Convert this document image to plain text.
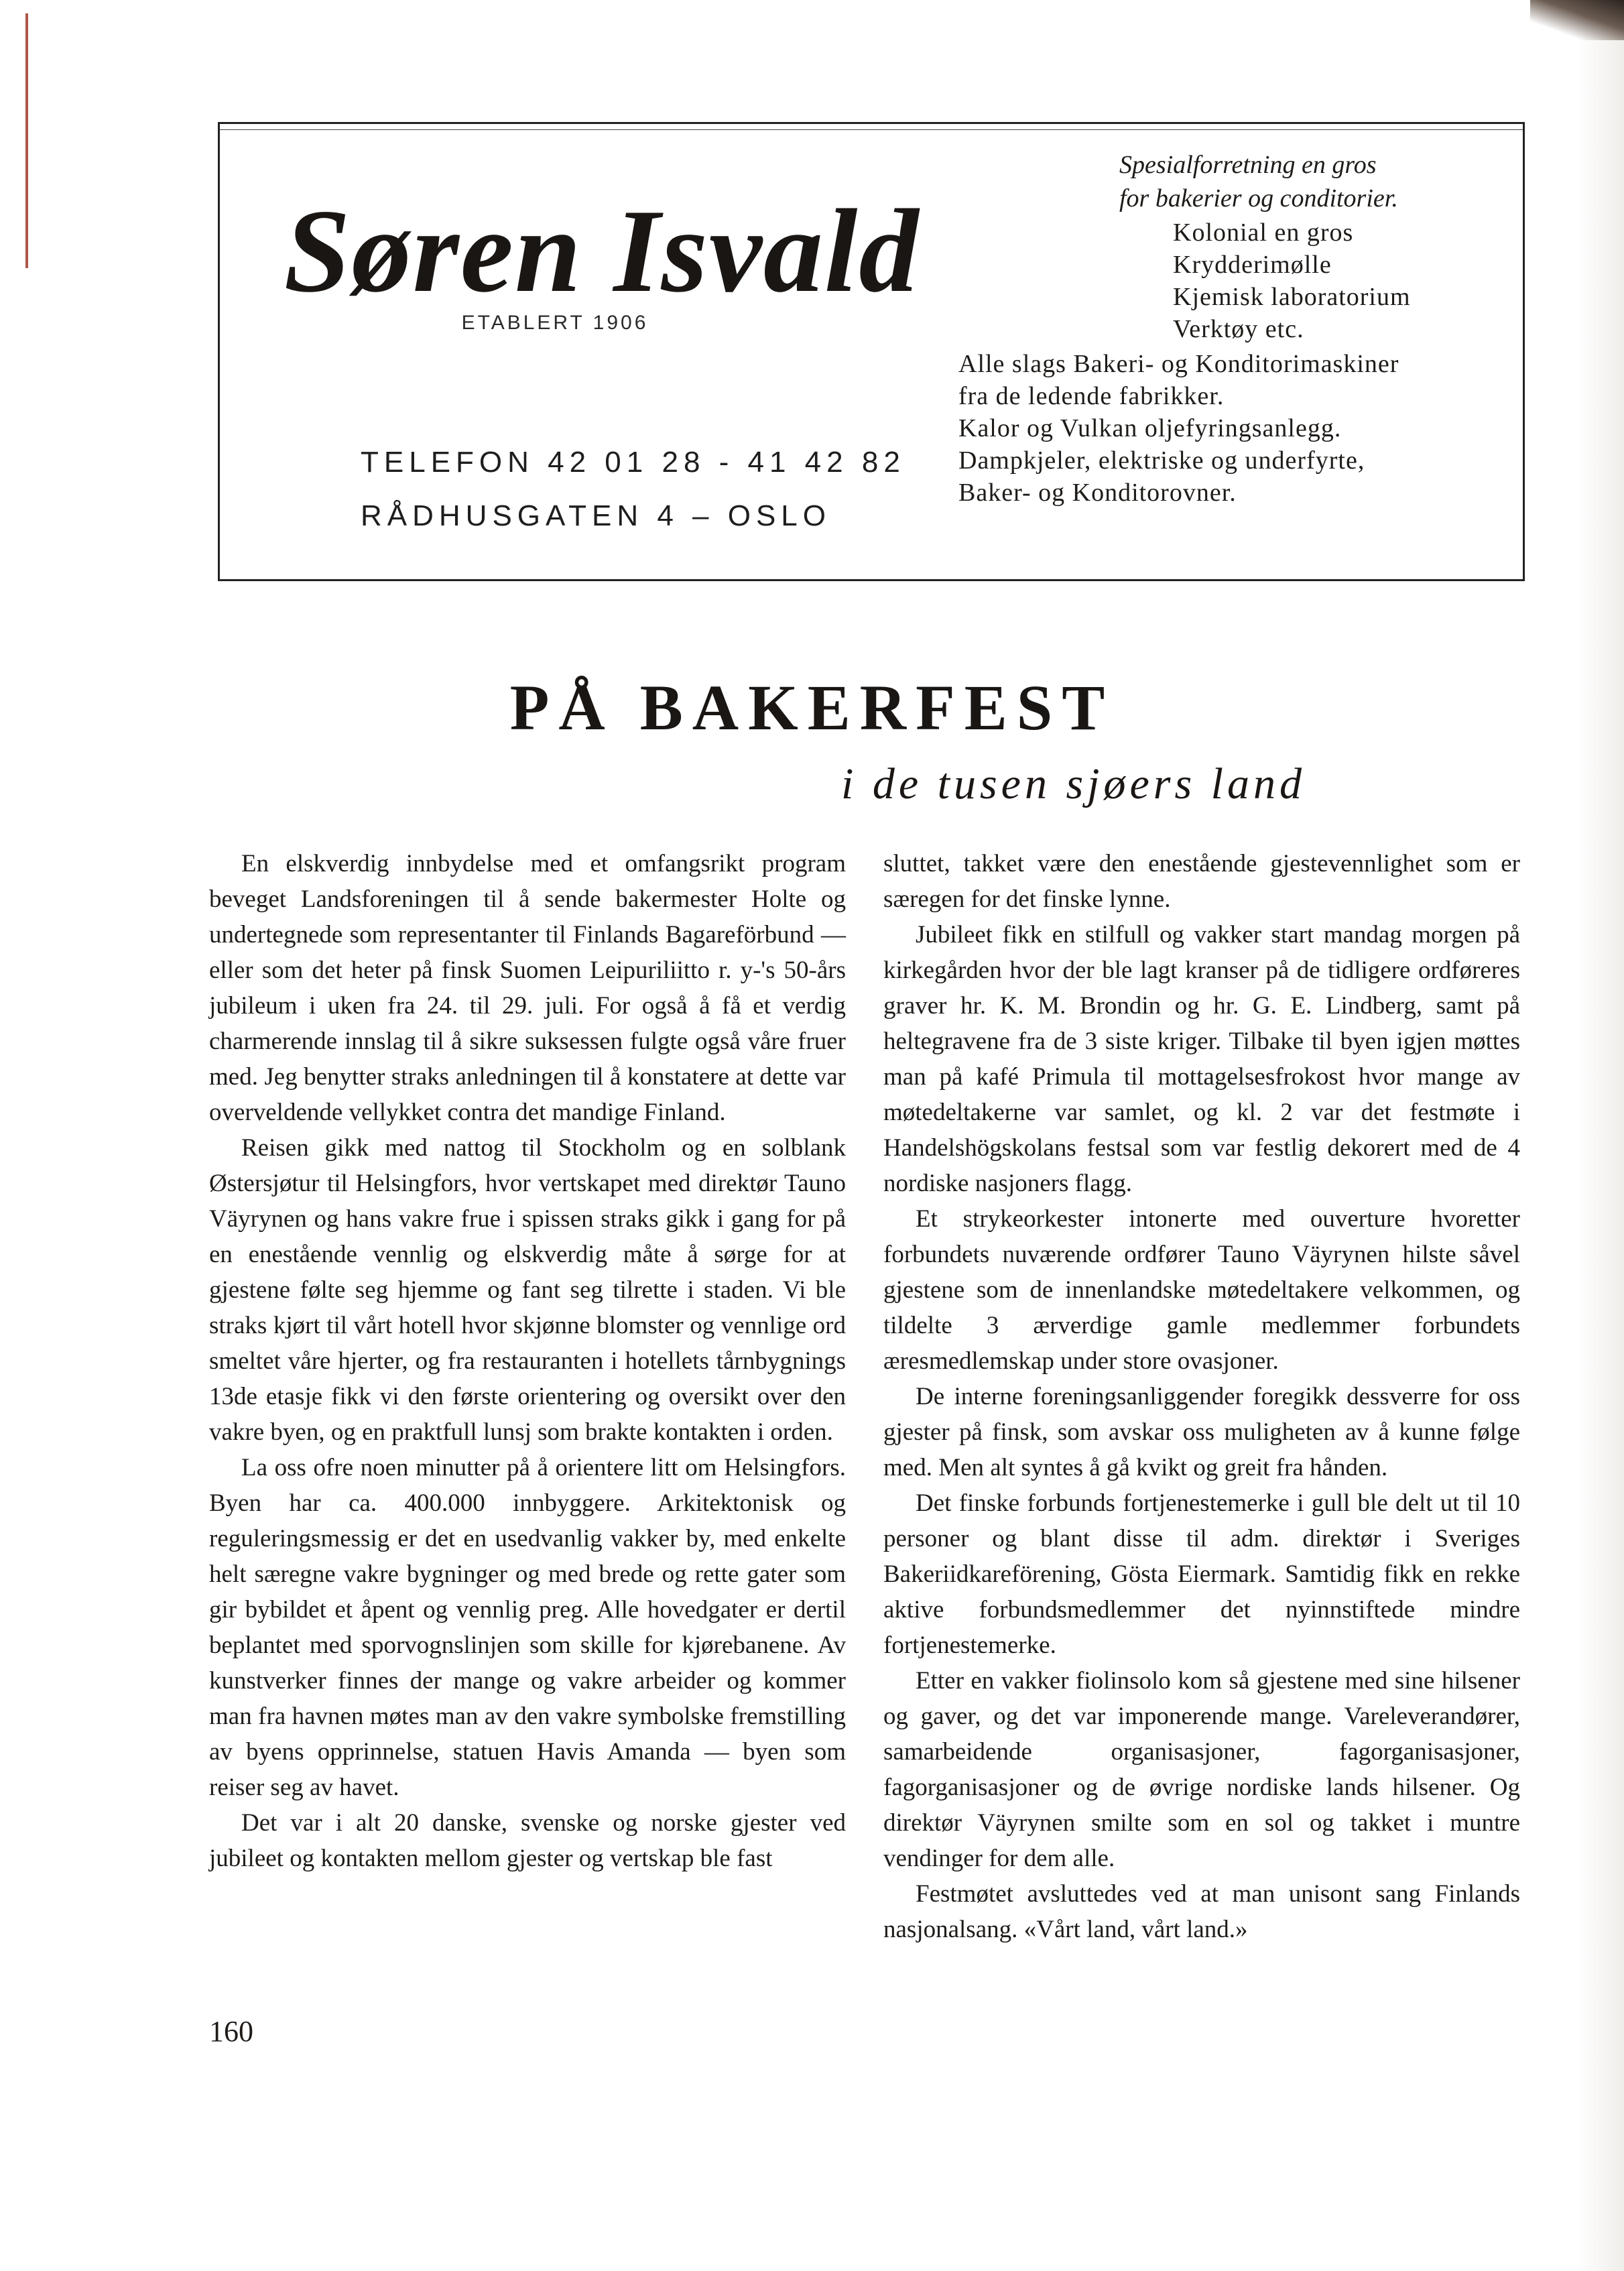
Søren Isvald
ETABLERT 1906
TELEFON 42 01 28 - 41 42 82
RÅDHUSGATEN 4 – OSLO
Spesialforretning en gros
for bakerier og conditorier.
Kolonial en gros
Krydderimølle
Kjemisk laboratorium
Verktøy etc.
Alle slags Bakeri- og Konditorimaskiner
fra de ledende fabrikker.
Kalor og Vulkan oljefyringsanlegg.
Dampkjeler, elektriske og underfyrte,
Baker- og Konditorovner.
PÅ BAKERFEST
i de tusen sjøers land

En elskverdig innbydelse med et omfangsrikt program beveget Landsforeningen til å sende bakermester Holte og undertegnede som representanter til Finlands Bagareförbund — eller som det heter på finsk Suomen Leipuriliitto r. y-'s 50-års jubileum i uken fra 24. til 29. juli. For også å få et verdig charmerende innslag til å sikre suksessen fulgte også våre fruer med. Jeg benytter straks anledningen til å konstatere at dette var overveldende vellykket contra det mandige Finland.

Reisen gikk med nattog til Stockholm og en solblank Østersjøtur til Helsingfors, hvor vertskapet med direktør Tauno Väyrynen og hans vakre frue i spissen straks gikk i gang for på en enestående vennlig og elskverdig måte å sørge for at gjestene følte seg hjemme og fant seg tilrette i staden. Vi ble straks kjørt til vårt hotell hvor skjønne blomster og vennlige ord smeltet våre hjerter, og fra restauranten i hotellets tårnbygnings 13de etasje fikk vi den første orientering og oversikt over den vakre byen, og en praktfull lunsj som brakte kontakten i orden.

La oss ofre noen minutter på å orientere litt om Helsingfors. Byen har ca. 400.000 innbyggere. Arkitektonisk og reguleringsmessig er det en usedvanlig vakker by, med enkelte helt særegne vakre bygninger og med brede og rette gater som gir bybildet et åpent og vennlig preg. Alle hovedgater er dertil beplantet med sporvognslinjen som skille for kjørebanene. Av kunstverker finnes der mange og vakre arbeider og kommer man fra havnen møtes man av den vakre symbolske fremstilling av byens opprinnelse, statuen Havis Amanda — byen som reiser seg av havet.

Det var i alt 20 danske, svenske og norske gjester ved jubileet og kontakten mellom gjester og vertskap ble fast

sluttet, takket være den enestående gjestevennlighet som er særegen for det finske lynne.

Jubileet fikk en stilfull og vakker start mandag morgen på kirkegården hvor der ble lagt kranser på de tidligere ordføreres graver hr. K. M. Brondin og hr. G. E. Lindberg, samt på heltegravene fra de 3 siste kriger. Tilbake til byen igjen møttes man på kafé Primula til mottagelsesfrokost hvor mange av møtedeltakerne var samlet, og kl. 2 var det festmøte i Handelshögskolans festsal som var festlig dekorert med de 4 nordiske nasjoners flagg.

Et strykeorkester intonerte med ouverture hvoretter forbundets nuværende ordfører Tauno Väyrynen hilste såvel gjestene som de innenlandske møtedeltakere velkommen, og tildelte 3 ærverdige gamle medlemmer forbundets æresmedlemskap under store ovasjoner.

De interne foreningsanliggender foregikk dessverre for oss gjester på finsk, som avskar oss muligheten av å kunne følge med. Men alt syntes å gå kvikt og greit fra hånden.

Det finske forbunds fortjenestemerke i gull ble delt ut til 10 personer og blant disse til adm. direktør i Sveriges Bakeriidkareförening, Gösta Eiermark. Samtidig fikk en rekke aktive forbundsmedlemmer det nyinnstiftede mindre fortjenestemerke.

Etter en vakker fiolinsolo kom så gjestene med sine hilsener og gaver, og det var imponerende mange. Vareleverandører, samarbeidende organisasjoner, fagorganisasjoner, fagorganisasjoner og de øvrige nordiske lands hilsener. Og direktør Väyrynen smilte som en sol og takket i muntre vendinger for dem alle.

Festmøtet avsluttedes ved at man unisont sang Finlands nasjonalsang. «Vårt land, vårt land.»

160
